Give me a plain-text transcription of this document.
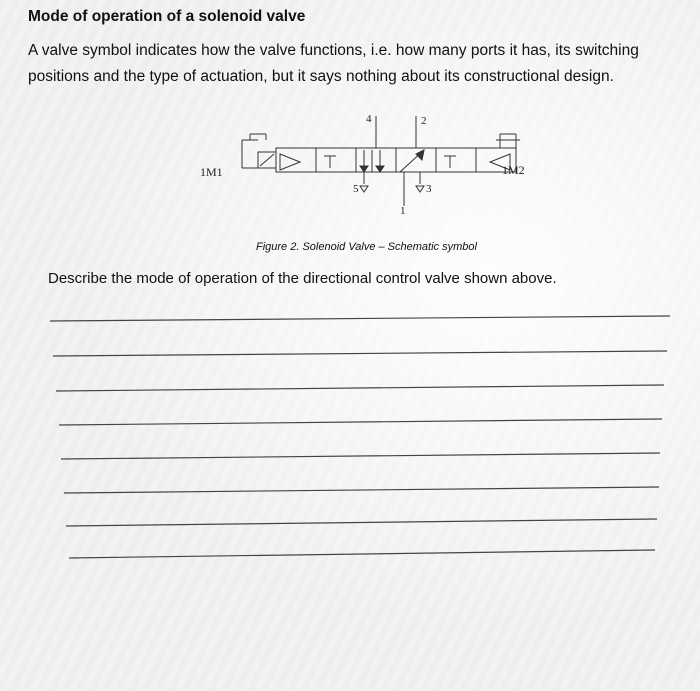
Mode of operation of a solenoid valve
A valve symbol indicates how the valve functions, i.e. how many ports it has, its switching positions and the type of actuation, but it says nothing about its constructional design.
1M1	1M2
4	2
5	3
1
Figure 2. Solenoid Valve – Schematic symbol
Describe the mode of operation of the directional control valve shown above.
